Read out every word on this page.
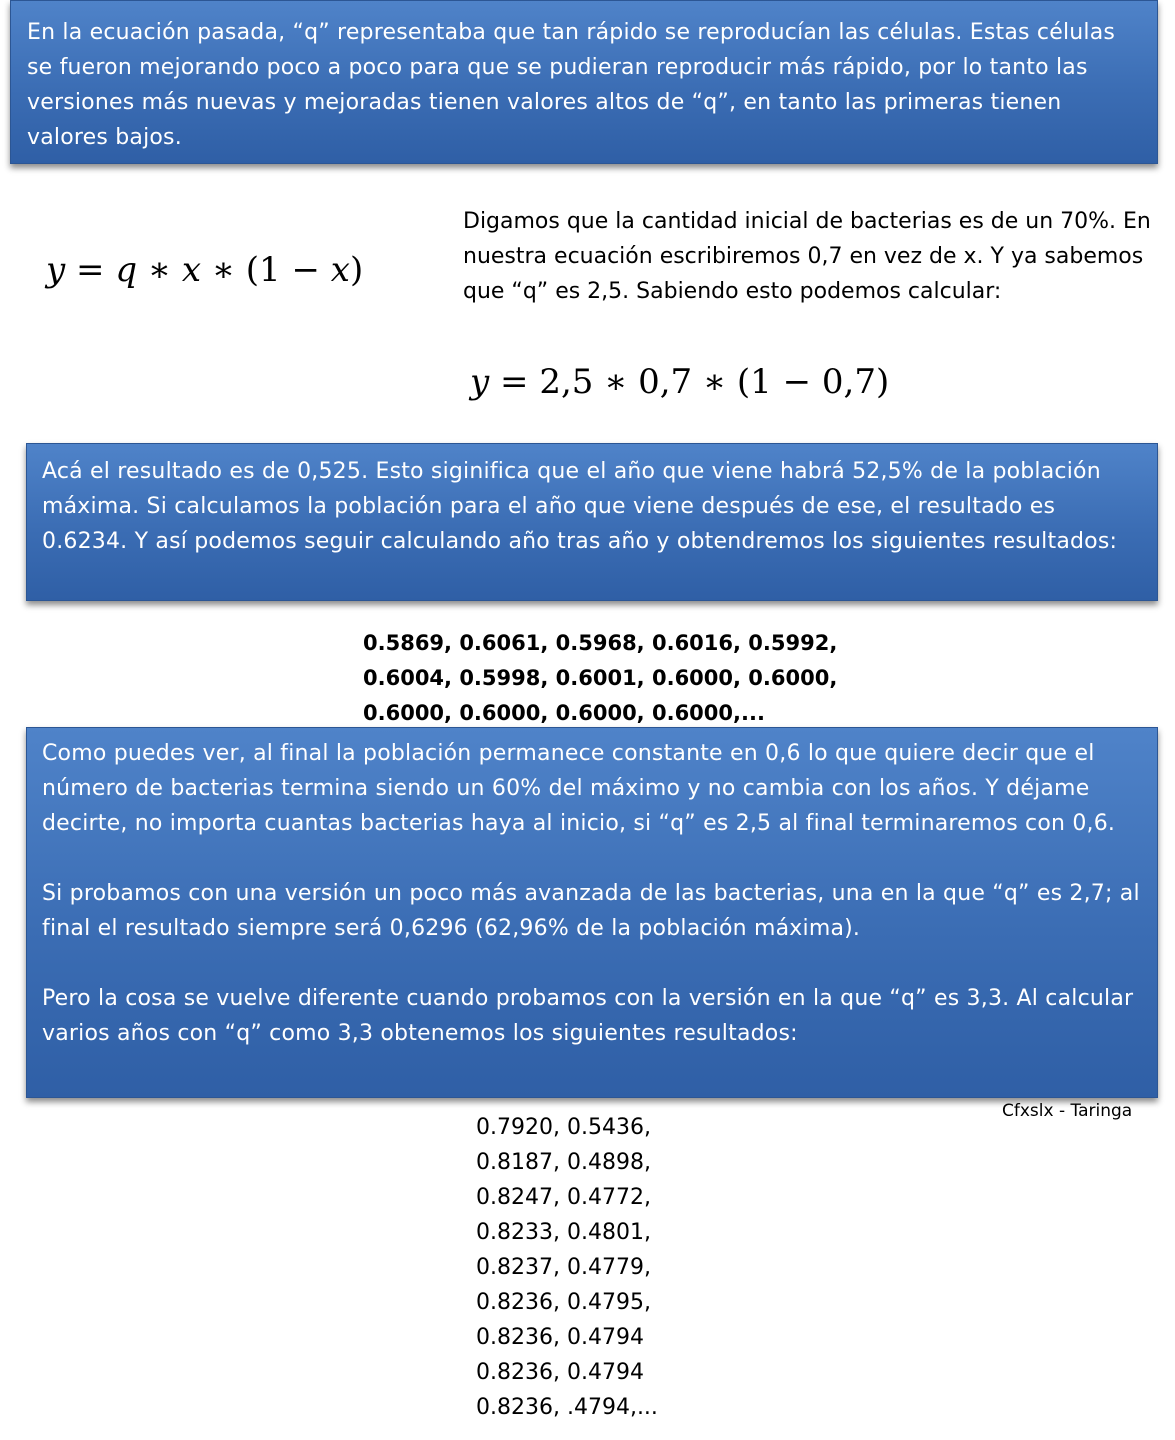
En la ecuación pasada, “q” representaba que tan rápido se reproducían las células. Estas células se fueron mejorando poco a poco para que se pudieran reproducir más rápido, por lo tanto las versiones más nuevas y mejoradas tienen valores altos de “q”, en tanto las primeras tienen valores bajos.

y = q ∗ x ∗ (1 − x)

Digamos que la cantidad inicial de bacterias es de un 70%. En nuestra ecuación escribiremos 0,7 en vez de x. Y ya sabemos que “q” es 2,5. Sabiendo esto podemos calcular:

y = 2,5 ∗ 0,7 ∗ (1 − 0,7)

Acá el resultado es de 0,525. Esto siginifica que el año que viene habrá 52,5% de la población máxima. Si calculamos la población para el año que viene después de ese, el resultado es 0.6234. Y así podemos seguir calculando año tras año y obtendremos los siguientes resultados:

0.5869, 0.6061, 0.5968, 0.6016, 0.5992,
0.6004, 0.5998, 0.6001, 0.6000, 0.6000,
0.6000, 0.6000, 0.6000, 0.6000,...

Como puedes ver, al final la población permanece constante en 0,6 lo que quiere decir que el número de bacterias termina siendo un 60% del máximo y no cambia con los años. Y déjame decirte, no importa cuantas bacterias haya al inicio, si “q” es 2,5 al final terminaremos con 0,6.

Si probamos con una versión un poco más avanzada de las bacterias, una en la que “q” es 2,7; al final el resultado siempre será 0,6296 (62,96% de la población máxima).

Pero la cosa se vuelve diferente cuando probamos con la versión en la que “q” es 3,3. Al calcular varios años con “q” como 3,3 obtenemos los siguientes resultados:

Cfxslx - Taringa
0.7920, 0.5436,
0.8187, 0.4898,
0.8247, 0.4772,
0.8233, 0.4801,
0.8237, 0.4779,
0.8236, 0.4795,
0.8236, 0.4794
0.8236, 0.4794
0.8236, .4794,...
